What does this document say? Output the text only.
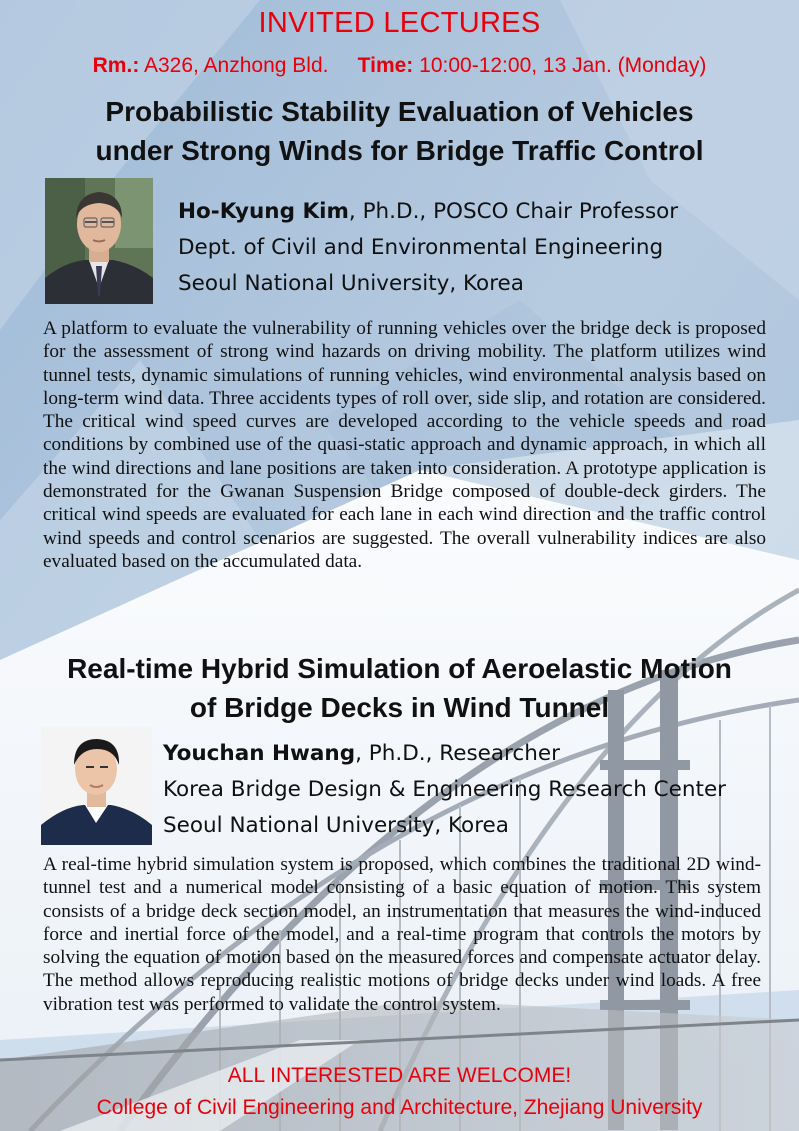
INVITED LECTURES
Rm.: A326, Anzhong Bld. Time: 10:00-12:00, 13 Jan. (Monday)
Probabilistic Stability Evaluation of Vehicles
under Strong Winds for Bridge Traffic Control
Ho-Kyung Kim, Ph.D., POSCO Chair Professor
Dept. of Civil and Environmental Engineering
Seoul National University, Korea
A platform to evaluate the vulnerability of running vehicles over the bridge deck is proposed for the assessment of strong wind hazards on driving mobility. The platform utilizes wind tunnel tests, dynamic simulations of running vehicles, wind environmental analysis based on long-term wind data. Three accidents types of roll over, side slip, and rotation are considered. The critical wind speed curves are developed according to the vehicle speeds and road conditions by combined use of the quasi-static approach and dynamic approach, in which all the wind directions and lane positions are taken into consideration. A prototype application is demonstrated for the Gwanan Suspension Bridge composed of double-deck girders. The critical wind speeds are evaluated for each lane in each wind direction and the traffic control wind speeds and control scenarios are suggested. The overall vulnerability indices are also evaluated based on the accumulated data.
Real-time Hybrid Simulation of Aeroelastic Motion
of Bridge Decks in Wind Tunnel
Youchan Hwang, Ph.D., Researcher
Korea Bridge Design & Engineering Research Center
Seoul National University, Korea
A real-time hybrid simulation system is proposed, which combines the traditional 2D wind-tunnel test and a numerical model consisting of a basic equation of motion. This system consists of a bridge deck section model, an instrumentation that measures the wind-induced force and inertial force of the model, and a real-time program that controls the motors by solving the equation of motion based on the measured forces and compensate actuator delay. The method allows reproducing realistic motions of bridge decks under wind loads. A free vibration test was performed to validate the control system.
ALL INTERESTED ARE WELCOME!
College of Civil Engineering and Architecture, Zhejiang University
